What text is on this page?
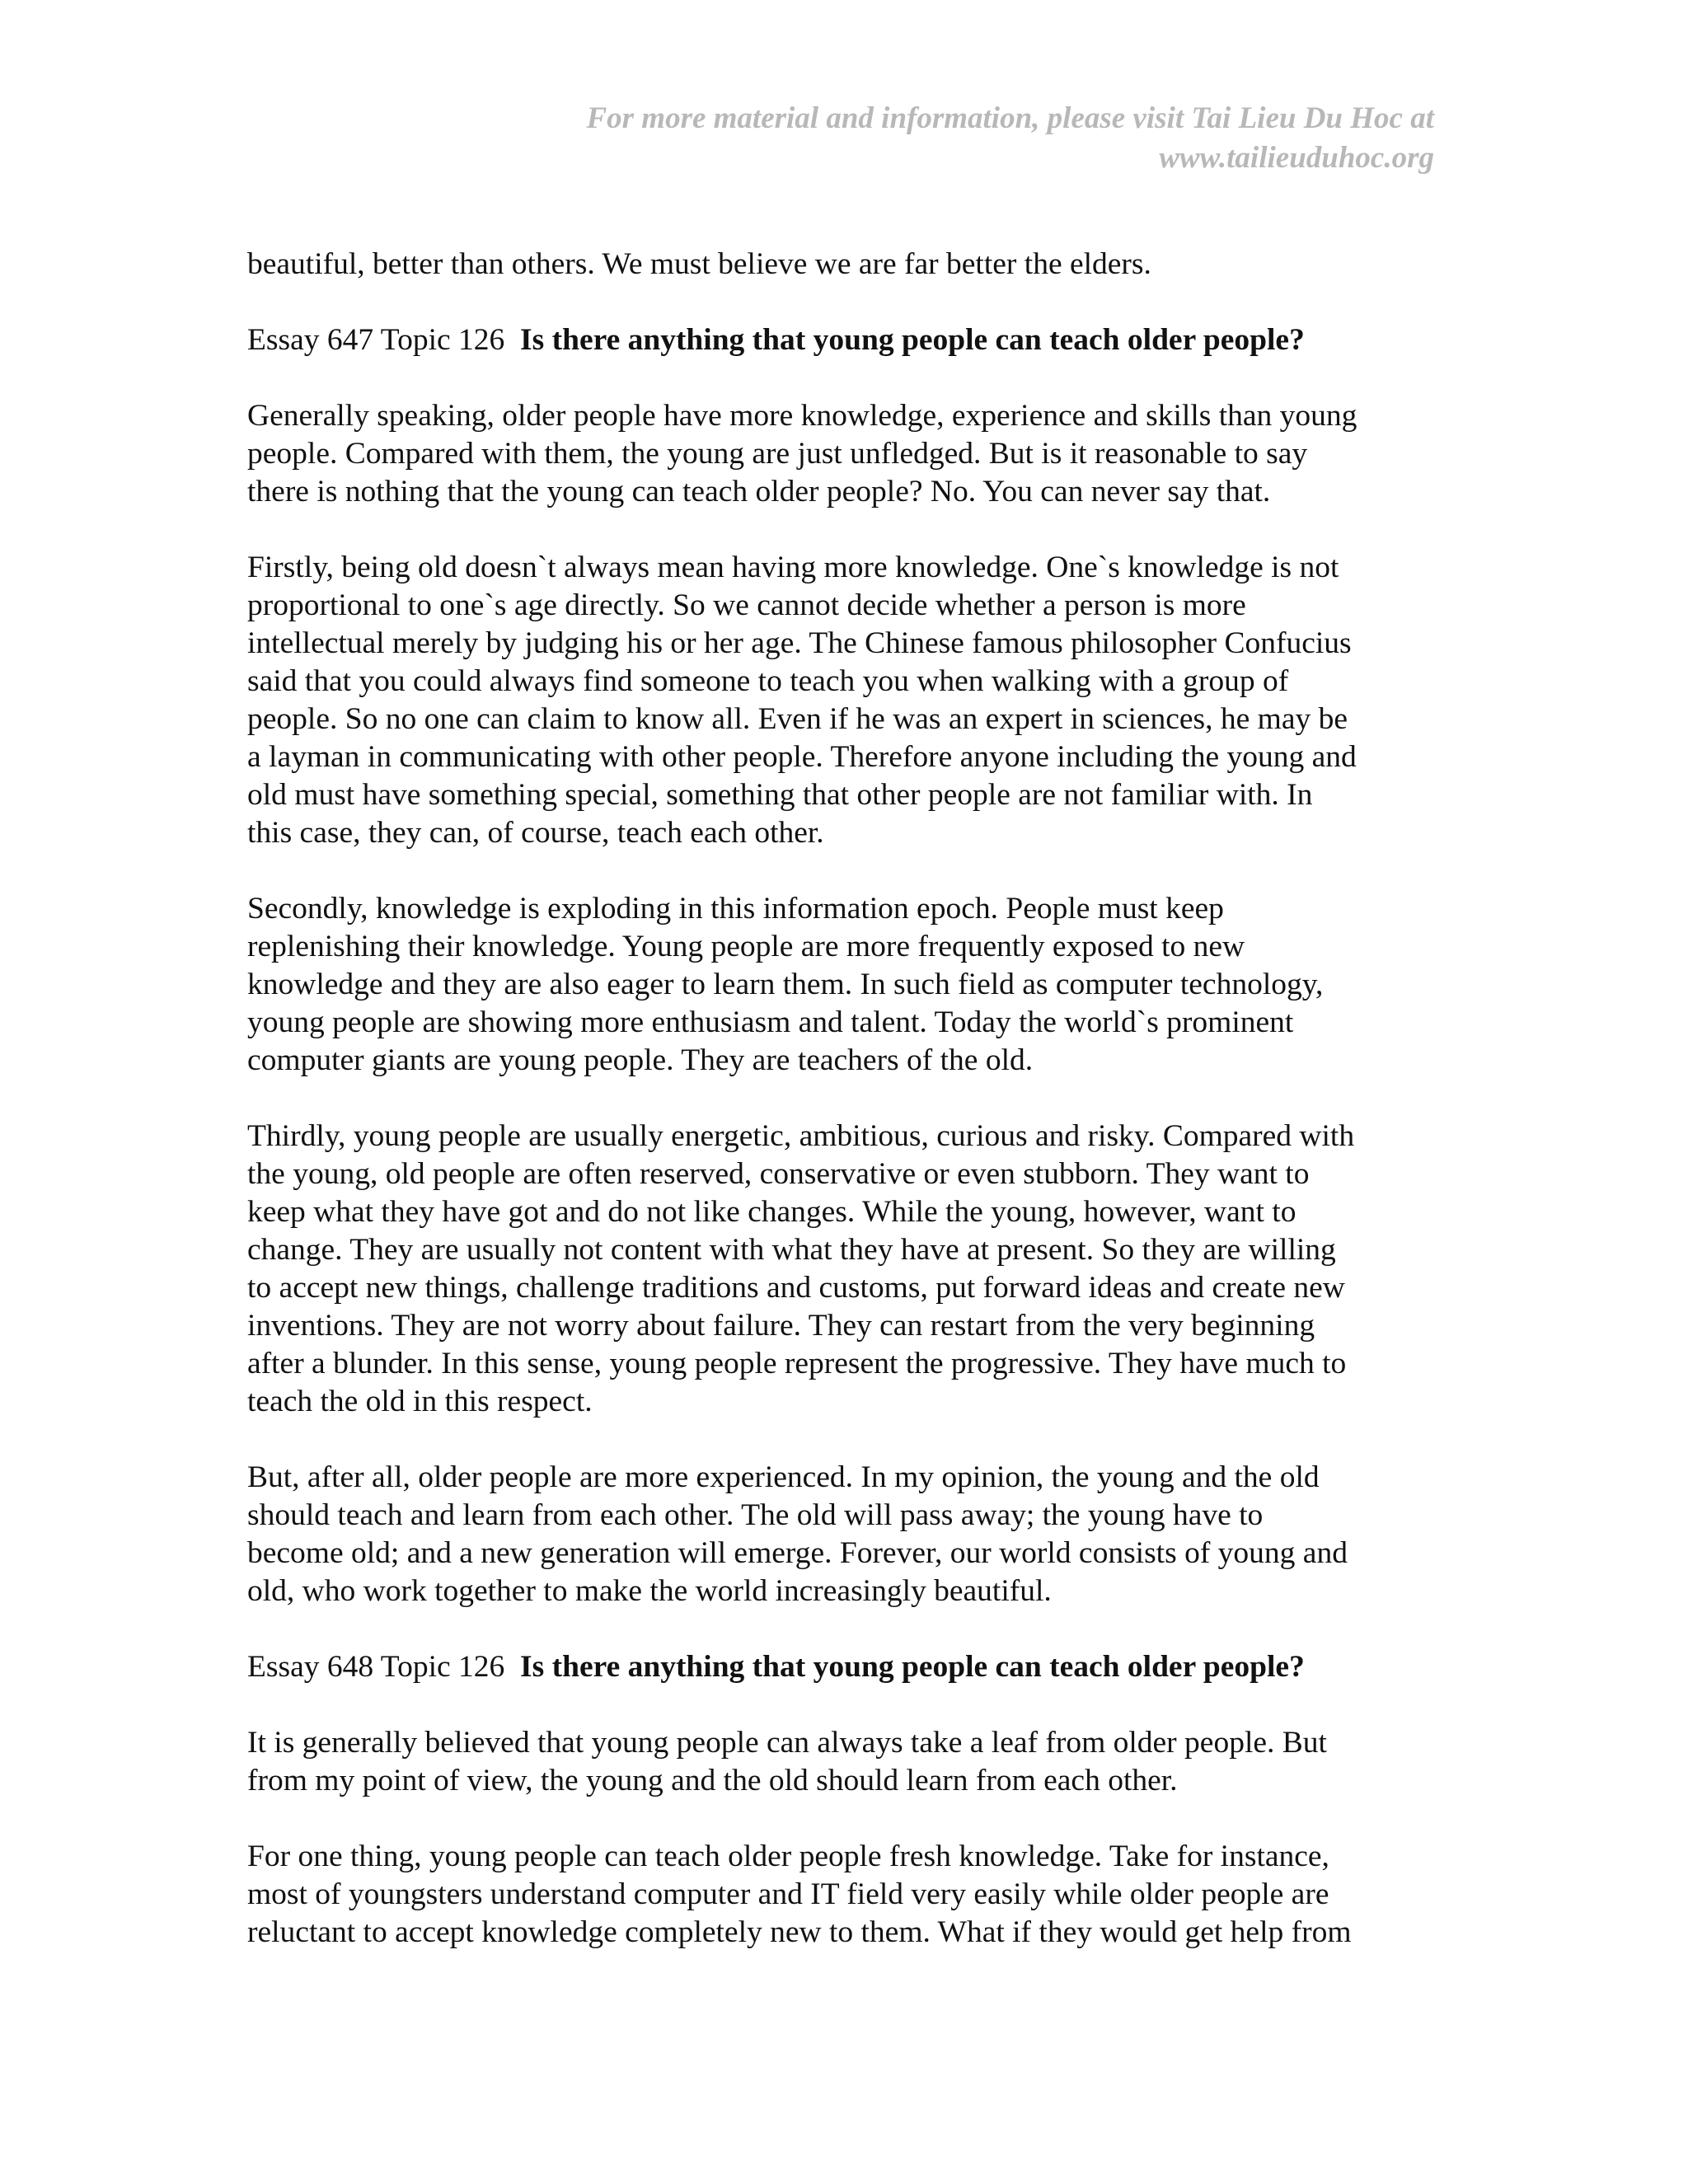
For more material and information, please visit Tai Lieu Du Hoc at
www.tailieuduhoc.org

beautiful, better than others. We must believe we are far better the elders.

Essay 647 Topic 126 Is there anything that young people can teach older people?

Generally speaking, older people have more knowledge, experience and skills than young
people. Compared with them, the young are just unfledged. But is it reasonable to say
there is nothing that the young can teach older people? No. You can never say that.

Firstly, being old doesn`t always mean having more knowledge. One`s knowledge is not
proportional to one`s age directly. So we cannot decide whether a person is more
intellectual merely by judging his or her age. The Chinese famous philosopher Confucius
said that you could always find someone to teach you when walking with a group of
people. So no one can claim to know all. Even if he was an expert in sciences, he may be
a layman in communicating with other people. Therefore anyone including the young and
old must have something special, something that other people are not familiar with. In
this case, they can, of course, teach each other.

Secondly, knowledge is exploding in this information epoch. People must keep
replenishing their knowledge. Young people are more frequently exposed to new
knowledge and they are also eager to learn them. In such field as computer technology,
young people are showing more enthusiasm and talent. Today the world`s prominent
computer giants are young people. They are teachers of the old.

Thirdly, young people are usually energetic, ambitious, curious and risky. Compared with
the young, old people are often reserved, conservative or even stubborn. They want to
keep what they have got and do not like changes. While the young, however, want to
change. They are usually not content with what they have at present. So they are willing
to accept new things, challenge traditions and customs, put forward ideas and create new
inventions. They are not worry about failure. They can restart from the very beginning
after a blunder. In this sense, young people represent the progressive. They have much to
teach the old in this respect.

But, after all, older people are more experienced. In my opinion, the young and the old
should teach and learn from each other. The old will pass away; the young have to
become old; and a new generation will emerge. Forever, our world consists of young and
old, who work together to make the world increasingly beautiful.

Essay 648 Topic 126 Is there anything that young people can teach older people?

It is generally believed that young people can always take a leaf from older people. But
from my point of view, the young and the old should learn from each other.

For one thing, young people can teach older people fresh knowledge. Take for instance,
most of youngsters understand computer and IT field very easily while older people are
reluctant to accept knowledge completely new to them. What if they would get help from
